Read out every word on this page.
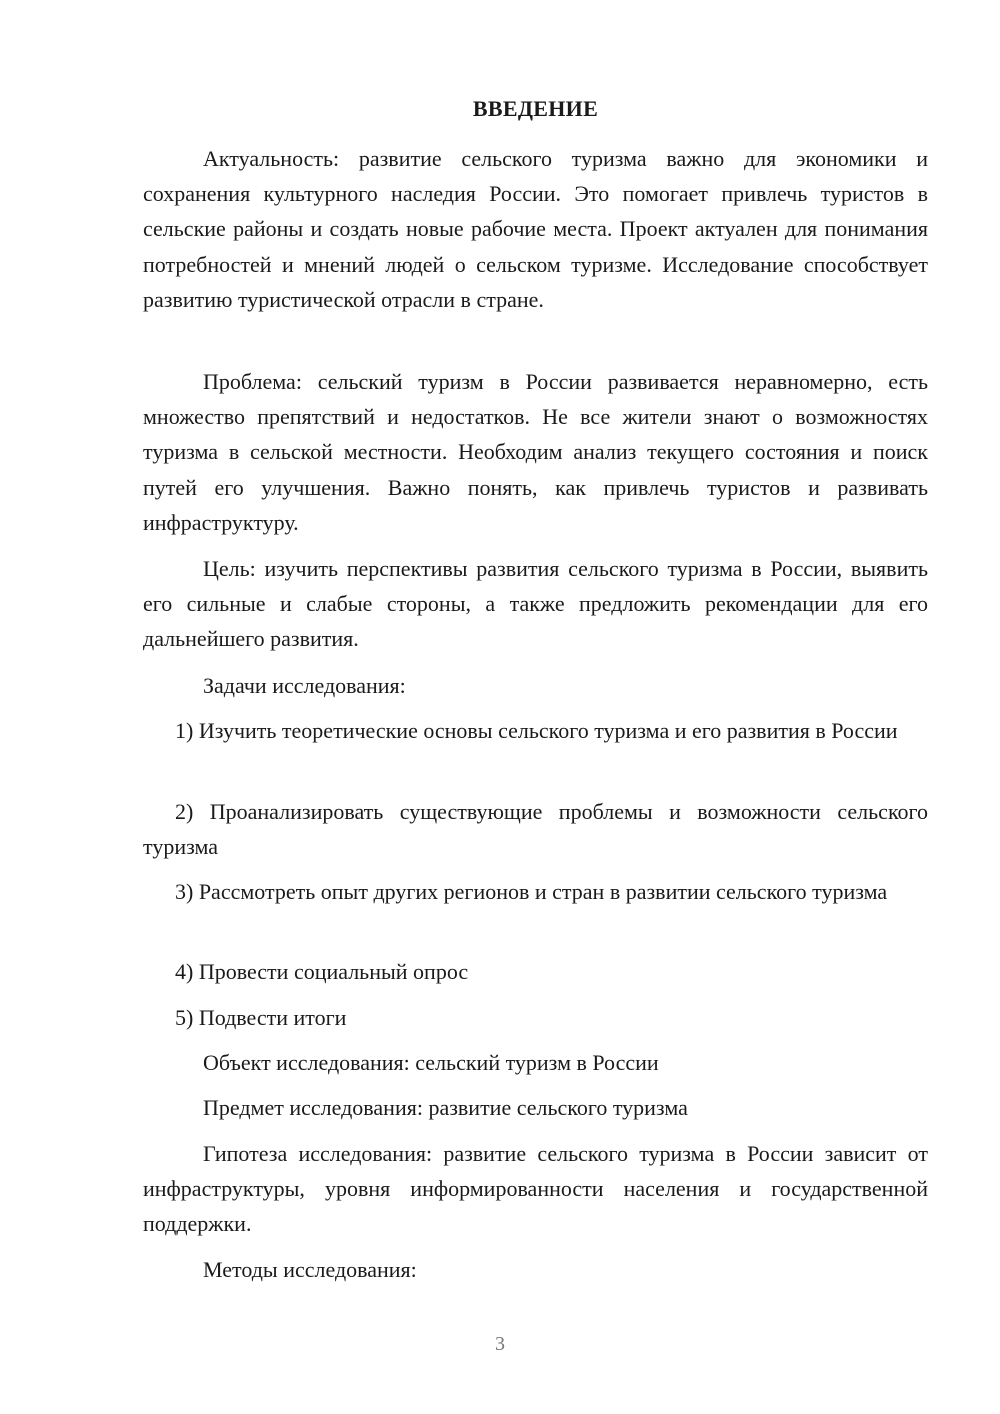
ВВЕДЕНИЕ

Актуальность: развитие сельского туризма важно для экономики и сохранения культурного наследия России. Это помогает привлечь туристов в сельские районы и создать новые рабочие места. Проект актуален для понимания потребностей и мнений людей о сельском туризме. Исследование способствует развитию туристической отрасли в стране.

Проблема: сельский туризм в России развивается неравномерно, есть множество препятствий и недостатков. Не все жители знают о возможностях туризма в сельской местности. Необходим анализ текущего состояния и поиск путей его улучшения. Важно понять, как привлечь туристов и развивать инфраструктуру.

Цель: изучить перспективы развития сельского туризма в России, выявить его сильные и слабые стороны, а также предложить рекомендации для его дальнейшего развития.

Задачи исследования:

1) Изучить теоретические основы сельского туризма и его развития в России

2) Проанализировать существующие проблемы и возможности сельского туризма

3) Рассмотреть опыт других регионов и стран в развитии сельского туризма

4) Провести социальный опрос

5) Подвести итоги

Объект исследования: сельский туризм в России

Предмет исследования: развитие сельского туризма

Гипотеза исследования: развитие сельского туризма в России зависит от инфраструктуры, уровня информированности населения и государственной поддержки.

Методы исследования:

3
